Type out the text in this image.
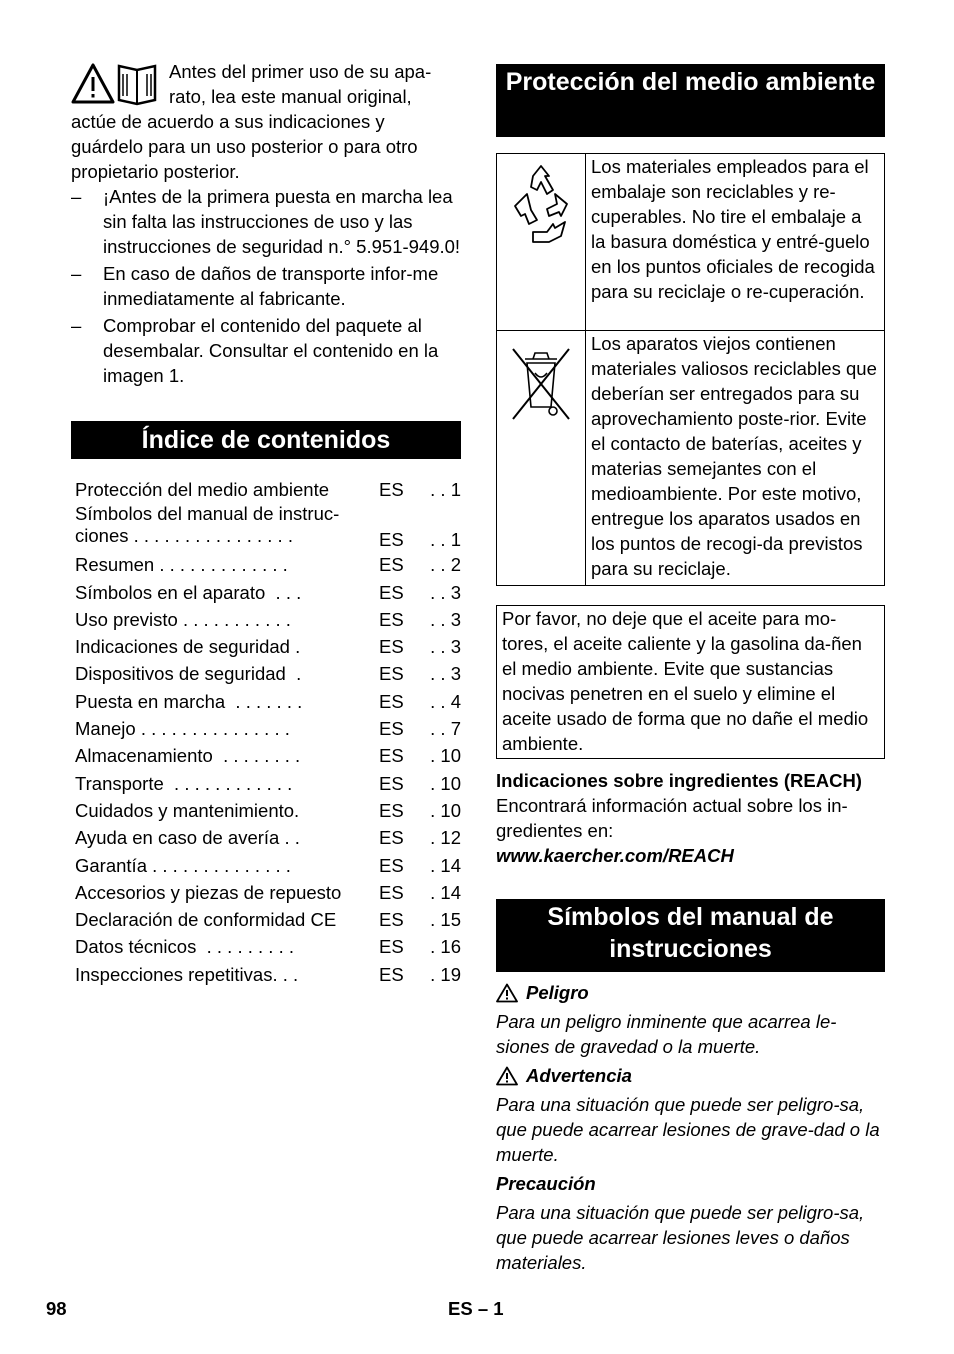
Antes del primer uso de su apa-rato, lea este manual original, actúe de acuerdo a sus indicaciones y guárdelo para un uso posterior o para otro propietario posterior.

–	¡Antes de la primera puesta en marcha lea sin falta las instrucciones de uso y las instrucciones de seguridad n.° 5.951-949.0!
–	En caso de daños de transporte infor-me inmediatamente al fabricante.
–	Comprobar el contenido del paquete al desembalar. Consultar el contenido en la imagen 1.
Índice de contenidos
Protección del medio ambiente	ES	. . 1
Símbolos del manual de instruc-
ciones . . . . . . . . . . . . . . . .	ES	. . 1
Resumen . . . . . . . . . . . . .	ES	. . 2
Símbolos en el aparato  . . .	ES	. . 3
Uso previsto . . . . . . . . . . .	ES	. . 3
Indicaciones de seguridad .	ES	. . 3
Dispositivos de seguridad  .	ES	. . 3
Puesta en marcha  . . . . . . .	ES	. . 4
Manejo . . . . . . . . . . . . . . .	ES	. . 7
Almacenamiento  . . . . . . . .	ES	. 10
Transporte  . . . . . . . . . . . .	ES	. 10
Cuidados y mantenimiento.	ES	. 10
Ayuda en caso de avería . .	ES	. 12
Garantía . . . . . . . . . . . . . .	ES	. 14
Accesorios y piezas de repuesto	ES	. 14
Declaración de conformidad CE	ES	. 15
Datos técnicos  . . . . . . . . .	ES	. 16
Inspecciones repetitivas. . .	ES	. 19
Protección del medio ambiente
	Los materiales empleados para el embalaje son reciclables y re-cuperables. No tire el embalaje a la basura doméstica y entré-guelo en los puntos oficiales de recogida para su reciclaje o re-cuperación.
	Los aparatos viejos contienen materiales valiosos reciclables que deberían ser entregados para su aprovechamiento poste-rior. Evite el contacto de baterías, aceites y materias semejantes con el medioambiente. Por este motivo, entregue los aparatos usados en los puntos de recogi-da previstos para su reciclaje.
Por favor, no deje que el aceite para mo-tores, el aceite caliente y la gasolina da-ñen el medio ambiente. Evite que sustancias nocivas penetren en el suelo y elimine el aceite usado de forma que no dañe el medio ambiente.

Indicaciones sobre ingredientes (REACH)

Encontrará información actual sobre los in-gredientes en:

www.kaercher.com/REACH

Símbolos del manual de instrucciones
Peligro

Para un peligro inminente que acarrea le-siones de gravedad o la muerte.

Advertencia

Para una situación que puede ser peligro-sa, que puede acarrear lesiones de grave-dad o la muerte.

Precaución

Para una situación que puede ser peligro-sa, que puede acarrear lesiones leves o daños materiales.

98	ES – 1
